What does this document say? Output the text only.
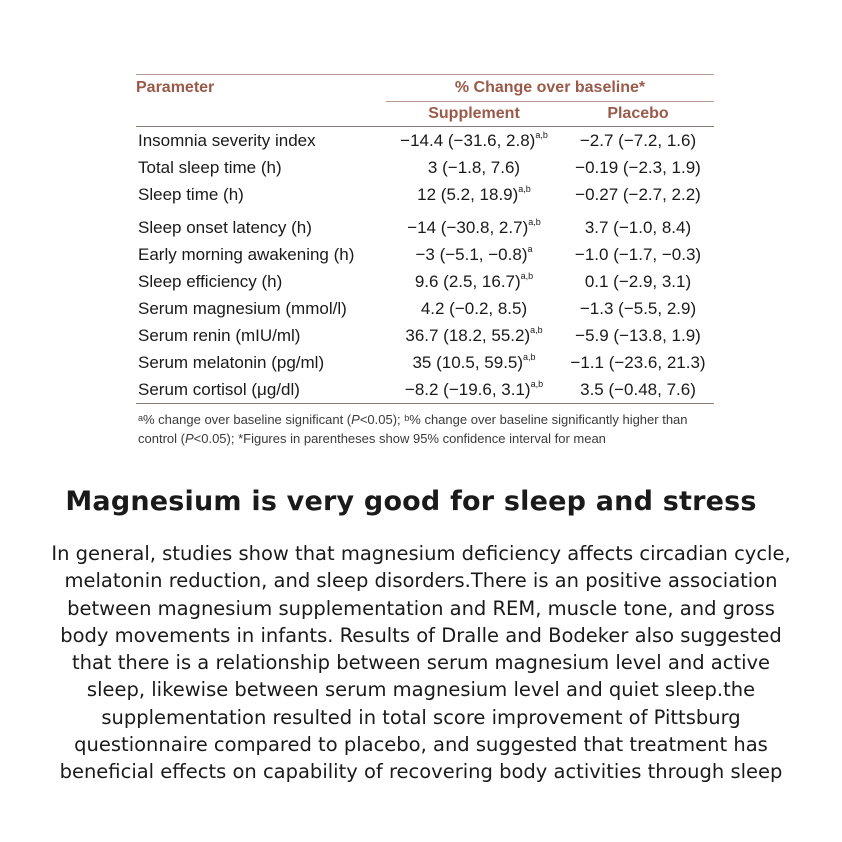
Parameter	% Change over baseline*	
	Supplement	Placebo
Insomnia severity index	−14.4 (−31.6, 2.8)$^{a,b}$	−2.7 (−7.2, 1.6)
Total sleep time (h)	3 (−1.8, 7.6)	−0.19 (−2.3, 1.9)
Sleep time (h)	12 (5.2, 18.9)$^{a,b}$	−0.27 (−2.7, 2.2)
Sleep onset latency (h)	−14 (−30.8, 2.7)$^{a,b}$	3.7 (−1.0, 8.4)
Early morning awakening (h)	−3 (−5.1, −0.8)$^a$	−1.0 (−1.7, −0.3)
Sleep efficiency (h)	9.6 (2.5, 16.7)$^{a,b}$	0.1 (−2.9, 3.1)
Serum magnesium (mmol/l)	4.2 (−0.2, 8.5)	−1.3 (−5.5, 2.9)
Serum renin (mIU/ml)	36.7 (18.2, 55.2)$^{a,b}$	−5.9 (−13.8, 1.9)
Serum melatonin (pg/ml)	35 (10.5, 59.5)$^{a,b}$	−1.1 (−23.6, 21.3)
Serum cortisol (μg/dl)	−8.2 (−19.6, 3.1)$^{a,b}$	3.5 (−0.48, 7.6)
$^a$% change over baseline significant (P<0.05); $^b$% change over baseline significantly higher than control (P<0.05); *Figures in parentheses show 95% confidence interval for mean
Magnesium is very good for sleep and stress
In general, studies show that magnesium deficiency affects circadian cycle, melatonin reduction, and sleep disorders.There is an positive association between magnesium supplementation and REM, muscle tone, and gross body movements in infants. Results of Dralle and Bodeker also suggested that there is a relationship between serum magnesium level and active sleep, likewise between serum magnesium level and quiet sleep.the supplementation resulted in total score improvement of Pittsburg questionnaire compared to placebo, and suggested that treatment has beneficial effects on capability of recovering body activities through sleep
